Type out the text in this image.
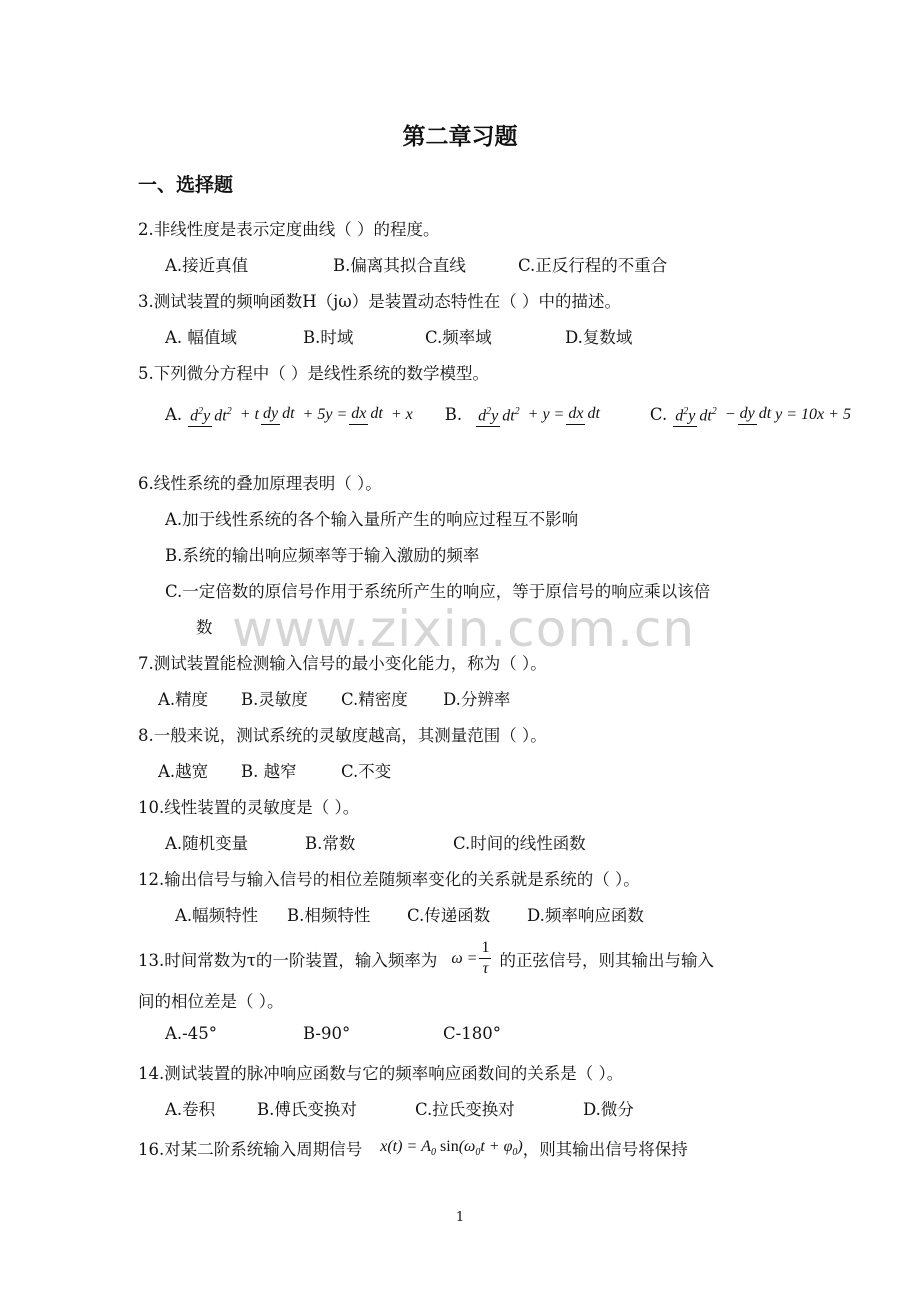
第二章习题
一、选择题
2.非线性度是表示定度曲线（ ）的程度。
A.接近真值	B.偏离其拟合直线	C.正反行程的不重合
3.测试装置的频响函数H（jω）是装置动态特性在（ ）中的描述。
A. 幅值域	B.时域	C.频率域	D.复数域
5.下列微分方程中（ ）是线性系统的数学模型。
A. $d^2y$ $dt^2 + t$ dy dt + 5y = dx dt + x B. $d^2y$ $dt^2 + y$ = dx dt	C. $d^2y$ $dt^2$ − dy dt y = 10x + 5
6.线性系统的叠加原理表明（ ）。
A.加于线性系统的各个输入量所产生的响应过程互不影响
B.系统的输出响应频率等于输入激励的频率
C.一定倍数的原信号作用于系统所产生的响应，等于原信号的响应乘以该倍
数
7.测试装置能检测输入信号的最小变化能力，称为（ ）。
A.精度 B.灵敏度 C.精密度 D.分辨率
8.一般来说，测试系统的灵敏度越高，其测量范围（ ）。
A.越宽 B. 越窄	C.不变
10.线性装置的灵敏度是（ ）。
A.随机变量	B.常数	C.时间的线性函数
12.输出信号与输入信号的相位差随频率变化的关系就是系统的（ ）。
A.幅频特性 B.相频特性 C.传递函数 D.频率响应函数
13.时间常数为τ的一阶装置，输入频率为 $\omega = \frac{1}{\tau}$ 的正弦信号，则其输出与输入
间的相位差是（ ）。
A.-45°	B-90°	C-180°
14.测试装置的脉冲响应函数与它的频率响应函数间的关系是（ ）。
A.卷积	B.傅氏变换对	C.拉氏变换对	D.微分
16.对某二阶系统输入周期信号 $x(t) = A_0$ $\sin(\omega_0t + \varphi_0)$ ，则其输出信号将保持
www.zixin.com.cn
1
